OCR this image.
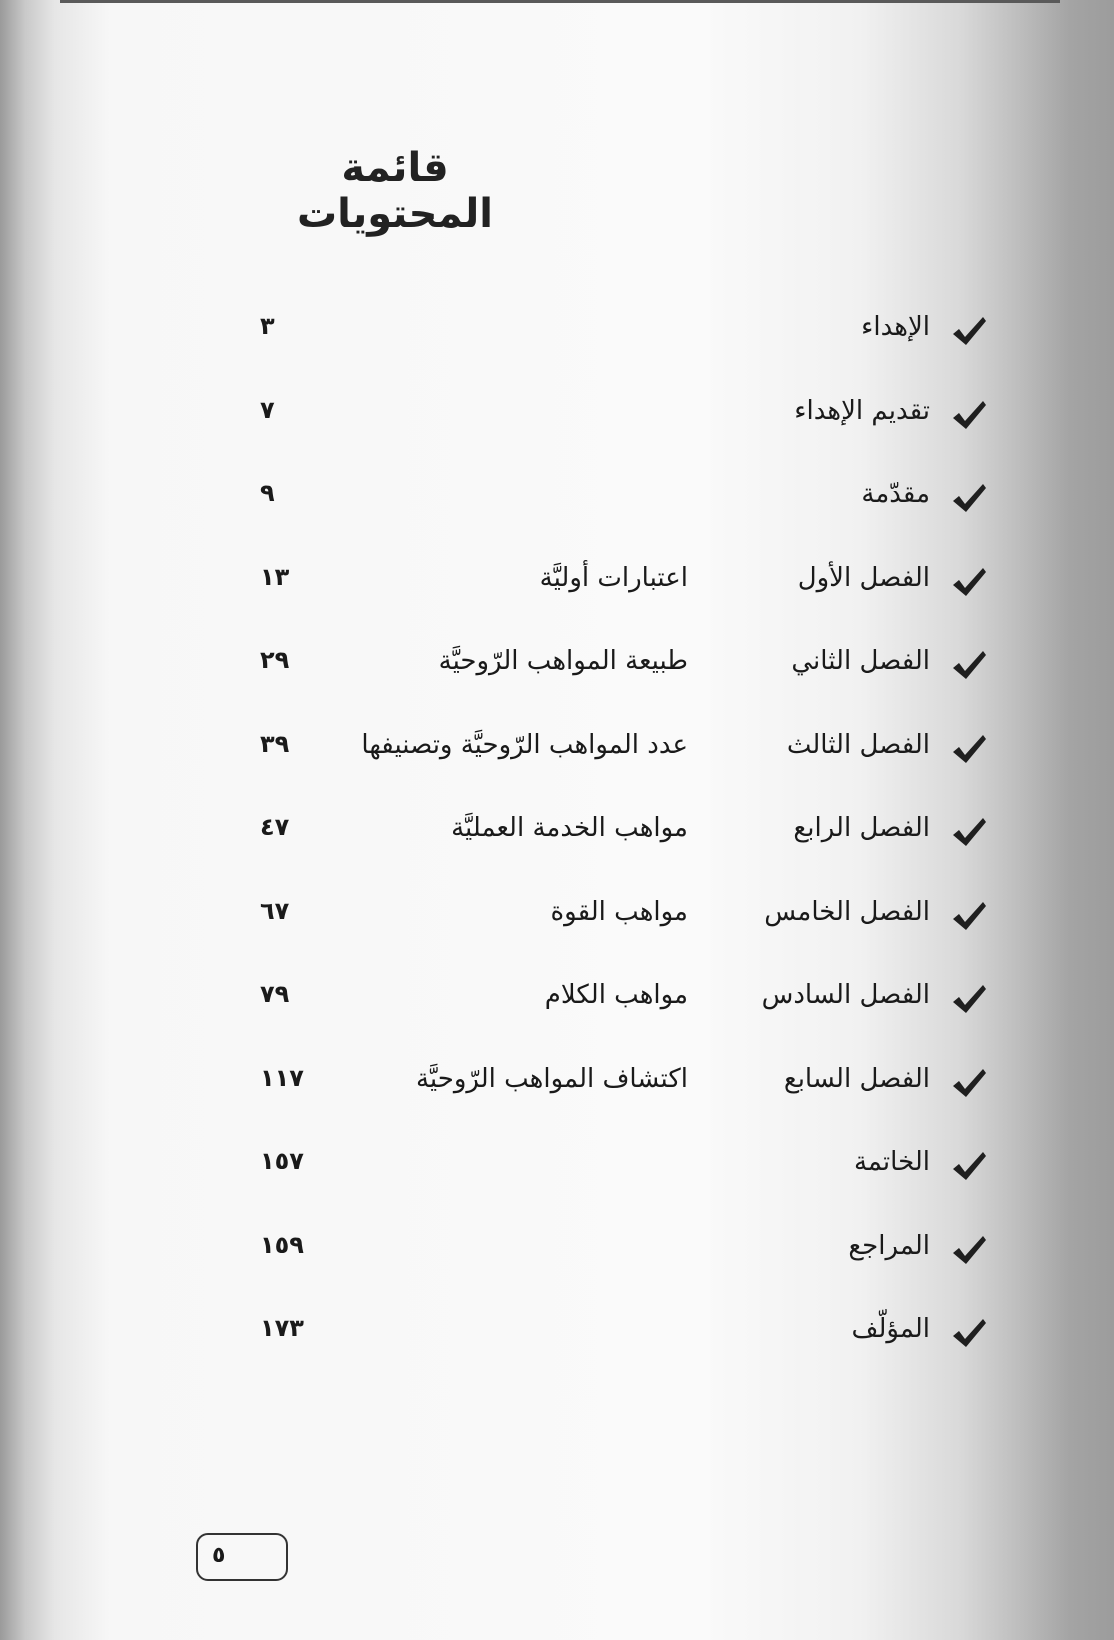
قائمة المحتويات
الإهداء
٣
تقديم الإهداء
٧
مقدّمة
٩
الفصل الأول
اعتبارات أوليَّة
١٣
الفصل الثاني
طبيعة المواهب الرّوحيَّة
٢٩
الفصل الثالث
عدد المواهب الرّوحيَّة وتصنيفها
٣٩
الفصل الرابع
مواهب الخدمة العمليَّة
٤٧
الفصل الخامس
مواهب القوة
٦٧
الفصل السادس
مواهب الكلام
٧٩
الفصل السابع
اكتشاف المواهب الرّوحيَّة
١١٧
الخاتمة
١٥٧
المراجع
١٥٩
المؤلّف
١٧٣
٥
